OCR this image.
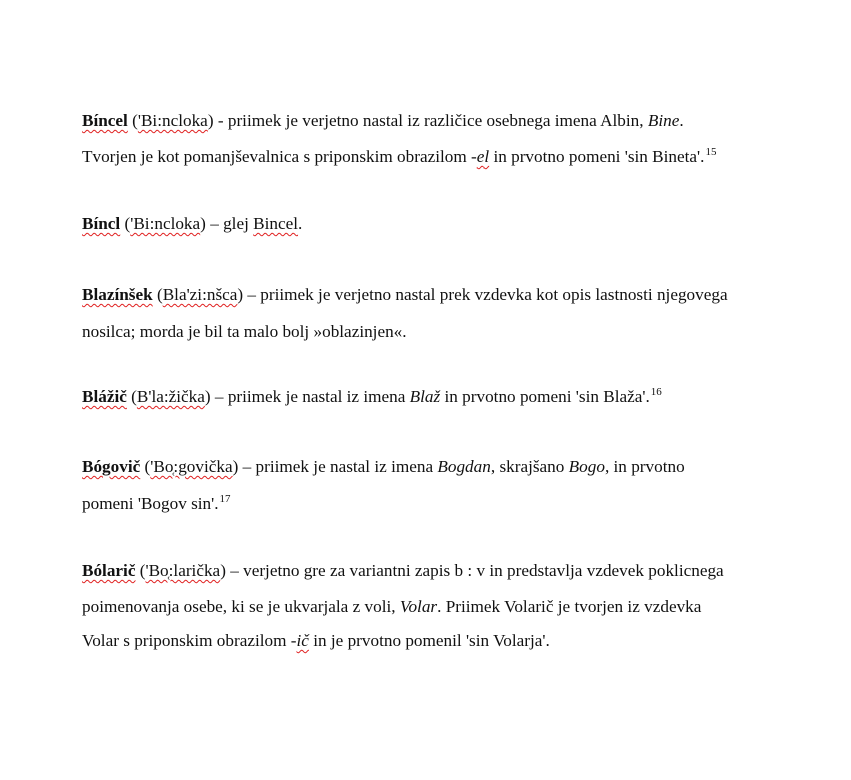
Bíncel ('Bi:ncloka) - priimek je verjetno nastal iz različice osebnega imena Albin, Bine.
Tvorjen je kot pomanjševalnica s priponskim obrazilom -el in prvotno pomeni 'sin Bineta'.$^{15}$
Bíncl ('Bi:ncloka) – glej Bincel.
Blazínšek (Bla'zi:nšca) – priimek je verjetno nastal prek vzdevka kot opis lastnosti njegovega
nosilca; morda je bil ta malo bolj »oblazinjen«.
Blážič (B'la:žička) – priimek je nastal iz imena Blaž in prvotno pomeni 'sin Blaža'.$^{16}$
Bógovič ('Bo̜:govička) – priimek je nastal iz imena Bogdan, skrajšano Bogo, in prvotno
pomeni 'Bogov sin'.$^{17}$
Bólarič ('Bo̜:larička) – verjetno gre za variantni zapis b : v in predstavlja vzdevek poklicnega
poimenovanja osebe, ki se je ukvarjala z voli, Volar. Priimek Volarič je tvorjen iz vzdevka
Volar s priponskim obrazilom -ič in je prvotno pomenil 'sin Volarja'.
